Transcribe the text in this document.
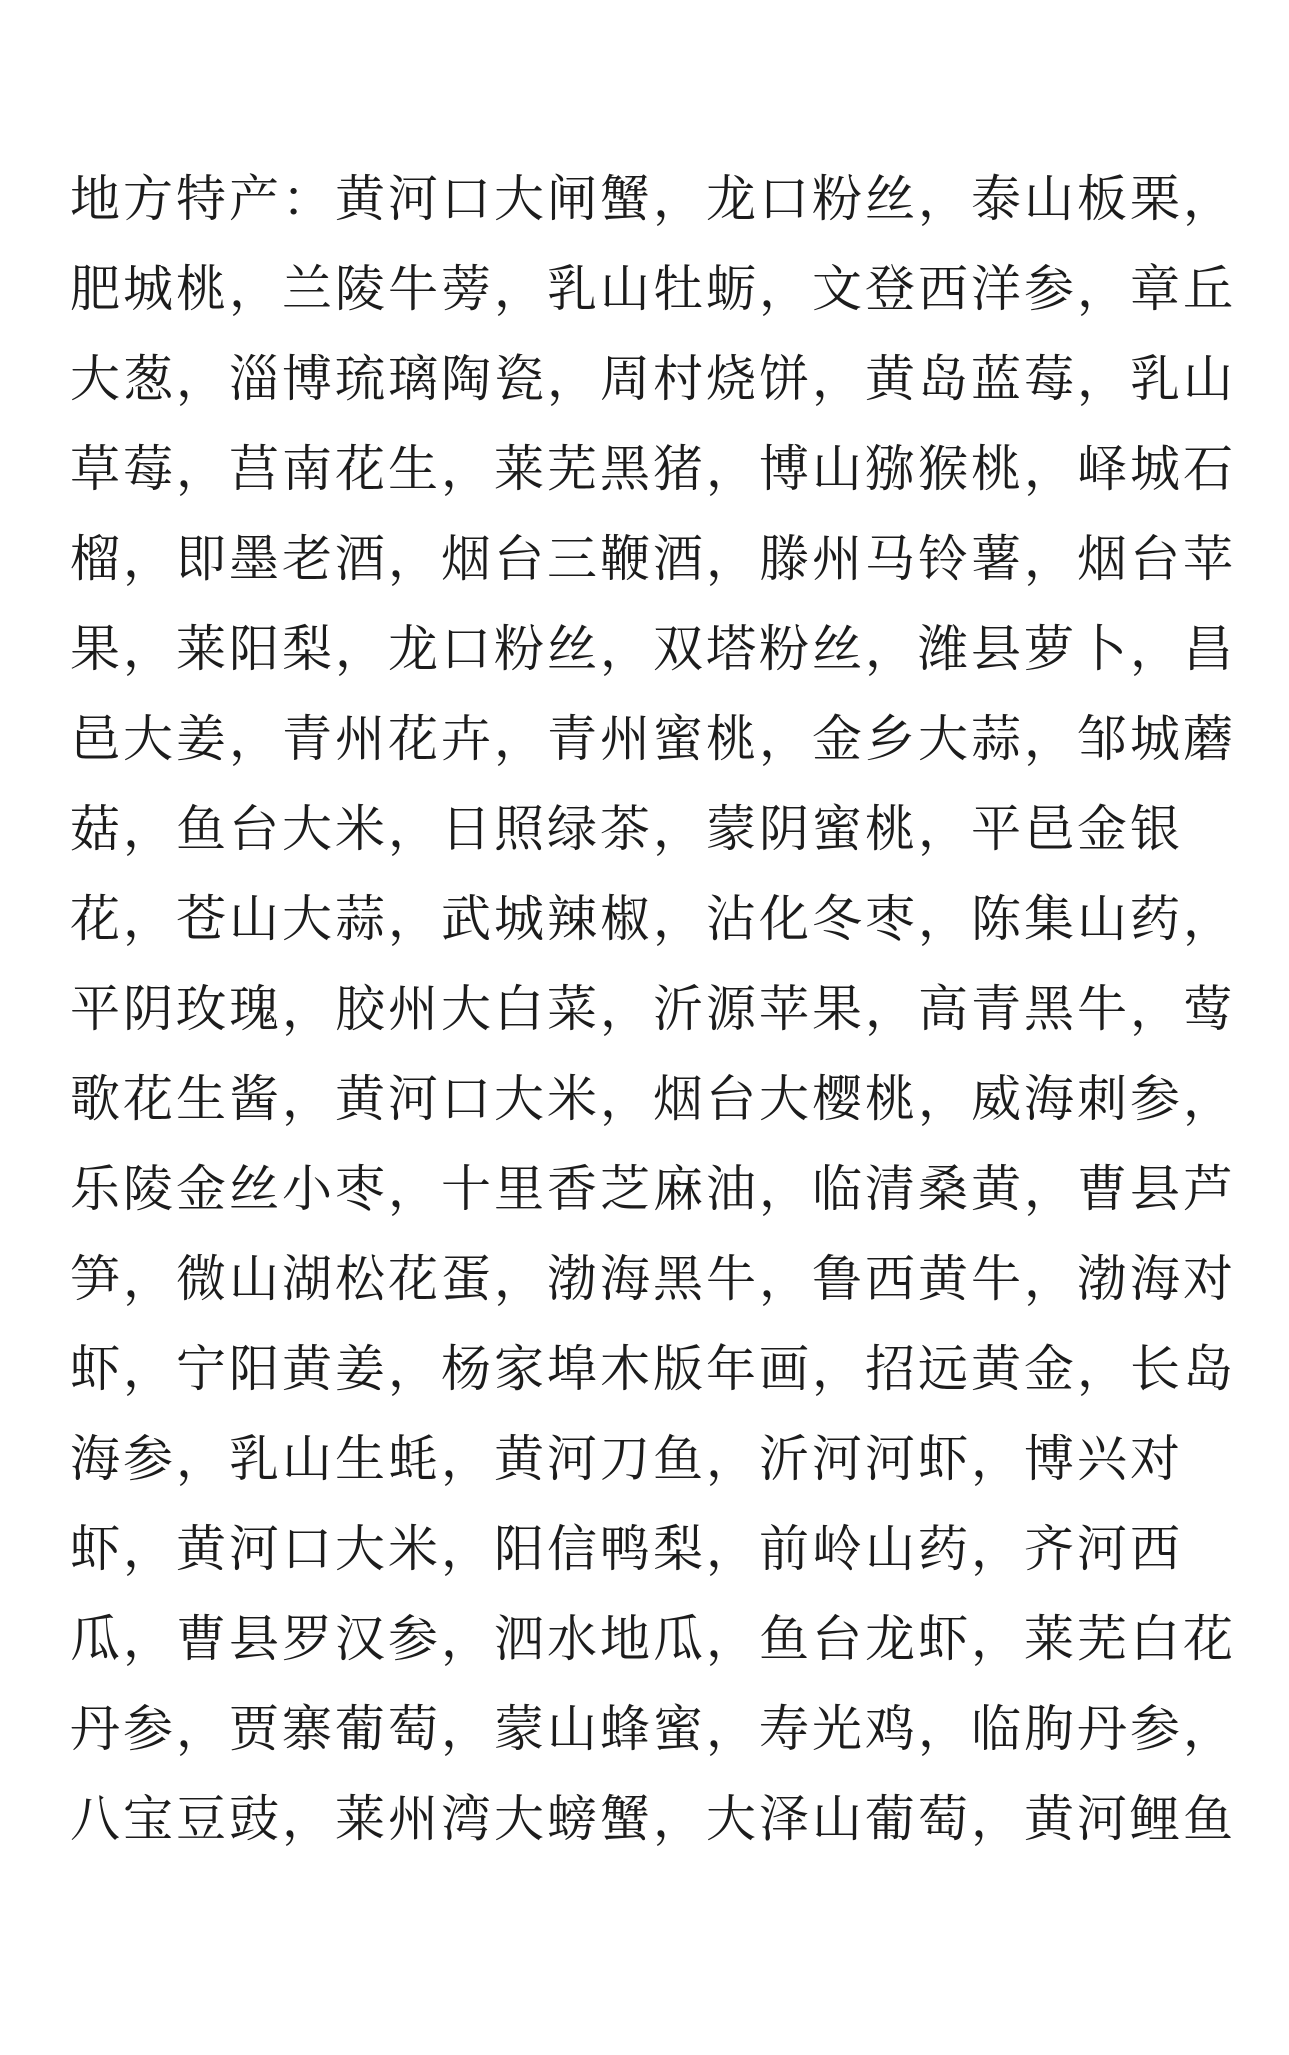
地方特产：黄河口大闸蟹，龙口粉丝，泰山板栗，
肥城桃，兰陵牛蒡，乳山牡蛎，文登西洋参，章丘
大葱，淄博琉璃陶瓷，周村烧饼，黄岛蓝莓，乳山
草莓，莒南花生，莱芜黑猪，博山猕猴桃，峄城石
榴，即墨老酒，烟台三鞭酒，滕州马铃薯，烟台苹
果，莱阳梨，龙口粉丝，双塔粉丝，潍县萝卜，昌
邑大姜，青州花卉，青州蜜桃，金乡大蒜，邹城蘑
菇，鱼台大米，日照绿茶，蒙阴蜜桃，平邑金银
花，苍山大蒜，武城辣椒，沾化冬枣，陈集山药，
平阴玫瑰，胶州大白菜，沂源苹果，高青黑牛，莺
歌花生酱，黄河口大米，烟台大樱桃，威海刺参，
乐陵金丝小枣，十里香芝麻油，临清桑黄，曹县芦
笋，微山湖松花蛋，渤海黑牛，鲁西黄牛，渤海对
虾，宁阳黄姜，杨家埠木版年画，招远黄金，长岛
海参，乳山生蚝，黄河刀鱼，沂河河虾，博兴对
虾，黄河口大米，阳信鸭梨，前岭山药，齐河西
瓜，曹县罗汉参，泗水地瓜，鱼台龙虾，莱芜白花
丹参，贾寨葡萄，蒙山蜂蜜，寿光鸡，临朐丹参，
八宝豆豉，莱州湾大螃蟹，大泽山葡萄，黄河鲤鱼
